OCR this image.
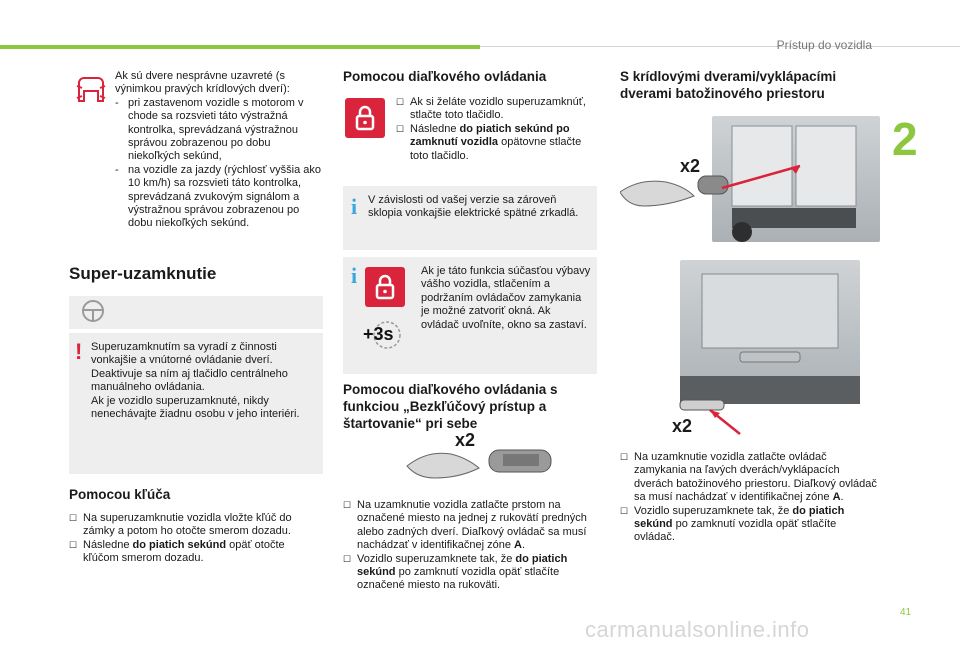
Prístup do vozidla
2
Ak sú dvere nesprávne uzavreté (s výnimkou pravých krídlových dverí):
- pri zastavenom vozidle s motorom v chode sa rozsvieti táto výstražná kontrolka, sprevádzaná výstražnou správou zobrazenou po dobu niekoľkých sekúnd,
- na vozidle za jazdy (rýchlosť vyššia ako 10 km/h) sa rozsvieti táto kontrolka, sprevádzaná zvukovým signálom a výstražnou správou zobrazenou po dobu niekoľkých sekúnd.
Super-uzamknutie
! Superuzamknutím sa vyradí z činnosti vonkajšie a vnútorné ovládanie dverí. Deaktivuje sa ním aj tlačidlo centrálneho manuálneho ovládania.
Ak je vozidlo superuzamknuté, nikdy nenechávajte žiadnu osobu v jeho interiéri.
Pomocou kľúča
☐ Na superuzamknutie vozidla vložte kľúč do zámky a potom ho otočte smerom dozadu.
☐ Následne do piatich sekúnd opäť otočte kľúčom smerom dozadu.
Pomocou diaľkového ovládania
☐ Ak si želáte vozidlo superuzamknúť, stlačte toto tlačidlo.
☐ Následne do piatich sekúnd po zamknutí vozidla opätovne stlačte toto tlačidlo.
i V závislosti od vašej verzie sa zároveň sklopia vonkajšie elektrické spätné zrkadlá.
i
+3s
Ak je táto funkcia súčasťou výbavy vášho vozidla, stlačením a podržaním ovládačov zamykania je možné zatvoriť okná. Ak ovládač uvoľníte, okno sa zastaví.
Pomocou diaľkového ovládania s funkciou „Bezkľúčový prístup a štartovanie“ pri sebe
x2
☐ Na uzamknutie vozidla zatlačte prstom na označené miesto na jednej z rukovätí predných alebo zadných dverí. Diaľkový ovládač sa musí nachádzať v identifikačnej zóne A.
☐ Vozidlo superuzamknete tak, že do piatich sekúnd po zamknutí vozidla opäť stlačíte označené miesto na rukoväti.
S krídlovými dverami/vyklápacími dverami batožinového priestoru
x2
x2
☐ Na uzamknutie vozidla zatlačte ovládač zamykania na ľavých dverách/vyklápacích dverách batožinového priestoru. Diaľkový ovládač sa musí nachádzať v identifikačnej zóne A.
☐ Vozidlo superuzamknete tak, že do piatich sekúnd po zamknutí vozidla opäť stlačíte ovládač.
41
carmanualsonline.info
